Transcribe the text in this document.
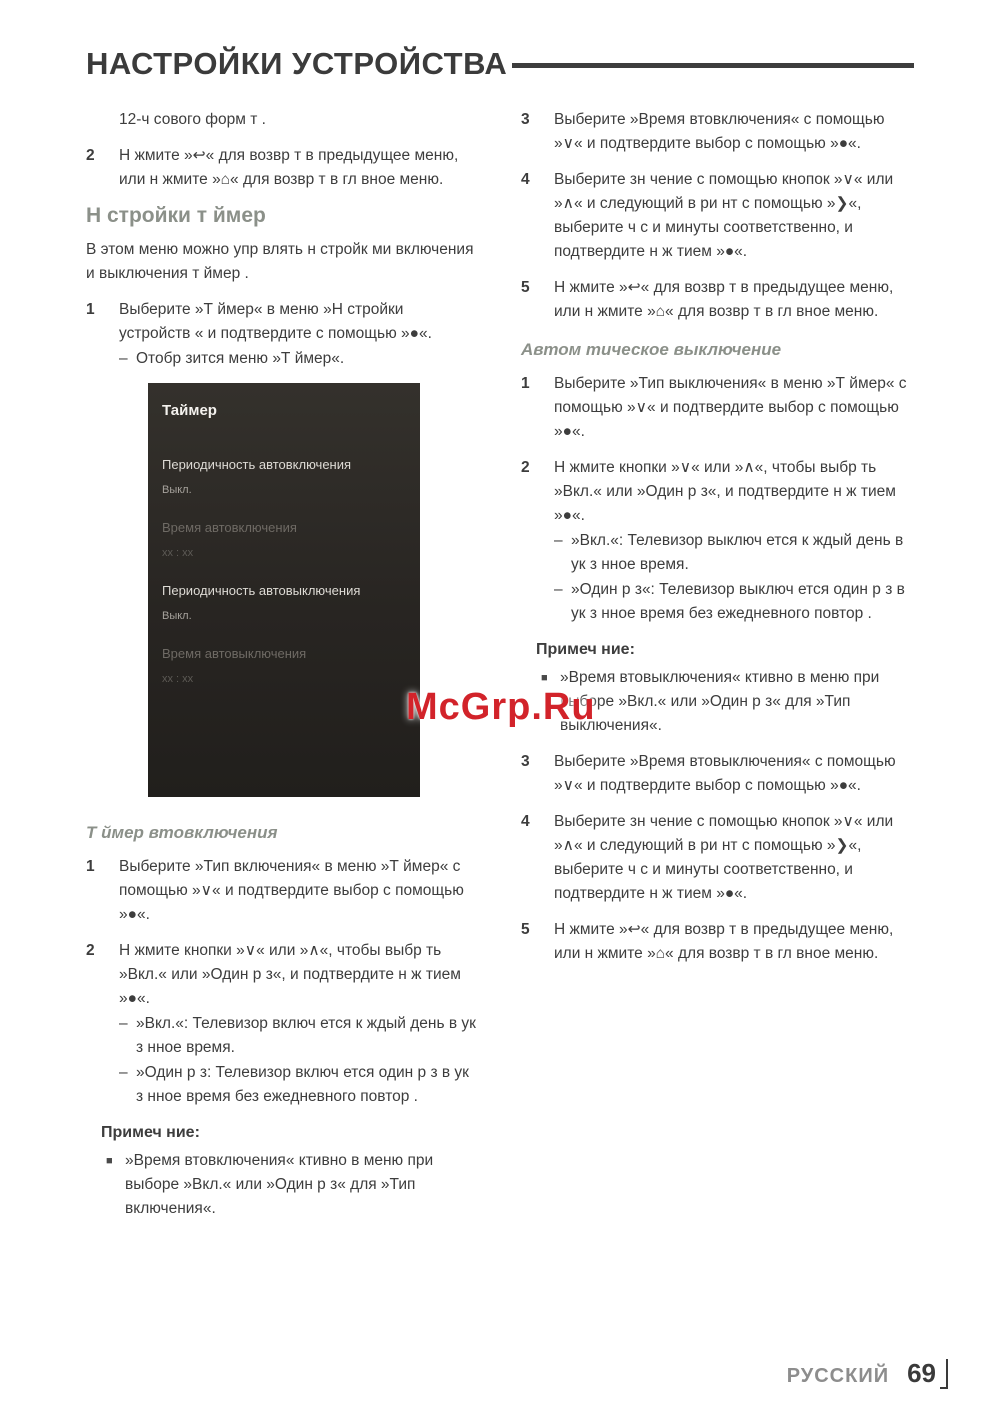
НАСТРОЙКИ УСТРОЙСТВА
12-ч сового форм т .
2	Н жмите »↩« для возвр т в предыдущее меню, или н жмите »⌂« для возвр т в гл вное меню.
Н стройки т ймер
В этом меню можно упр влять н стройк ми включения и выключения т ймер .
1	Выберите »Т ймер« в меню »Н стройки устройств « и подтвердите с помощью »●«.
– Отобр зится меню »Т ймер«.
Таймер
Периодичность автовключения
Выкл.
Время автовключения
xx : xx
Периодичность автовыключения
Выкл.
Время автовыключения
xx : xx
Т ймер втовключения
1	Выберите »Тип включения« в меню »Т ймер« с помощью »∨« и подтвердите выбор с помощью »●«.
2	Н жмите кнопки »∨« или »∧«, чтобы выбр ть »Вкл.« или »Один р з«, и подтвердите н ж тием »●«.
– »Вкл.«: Телевизор включ ется к ждый день в ук з нное время.
– »Один р з: Телевизор включ ется один р з в ук з нное время без ежедневного повтор .
Примеч ние:
■ »Время втовключения« ктивно в меню при выборе »Вкл.« или »Один р з« для »Тип включения«.
3	Выберите »Время втовключения« с помощью »∨« и подтвердите выбор с помощью »●«.
4	Выберите зн чение с помощью кнопок »∨« или »∧« и следующий в ри нт с помощью »❯«, выберите ч с и минуты соответственно, и подтвердите н ж тием »●«.
5	Н жмите »↩« для возвр т в предыдущее меню, или н жмите »⌂« для возвр т в гл вное меню.
Автом тическое выключение
1	Выберите »Тип выключения« в меню »Т ймер« с помощью »∨« и подтвердите выбор с помощью »●«.
2	Н жмите кнопки »∨« или »∧«, чтобы выбр ть »Вкл.« или »Один р з«, и подтвердите н ж тием »●«.
– »Вкл.«: Телевизор выключ ется к ждый день в ук з нное время.
– »Один р з«: Телевизор выключ ется один р з в ук з нное время без ежедневного повтор .
Примеч ние:
■ »Время втовыключения« ктивно в меню при выборе »Вкл.« или »Один р з« для »Тип выключения«.
3	Выберите »Время втовыключения« с помощью »∨« и подтвердите выбор с помощью »●«.
4	Выберите зн чение с помощью кнопок »∨« или »∧« и следующий в ри нт с помощью »❯«, выберите ч с и минуты соответственно, и подтвердите н ж тием »●«.
5	Н жмите »↩« для возвр т в предыдущее меню, или н жмите »⌂« для возвр т в гл вное меню.
McGrp.Ru
РУССКИЙ 69
